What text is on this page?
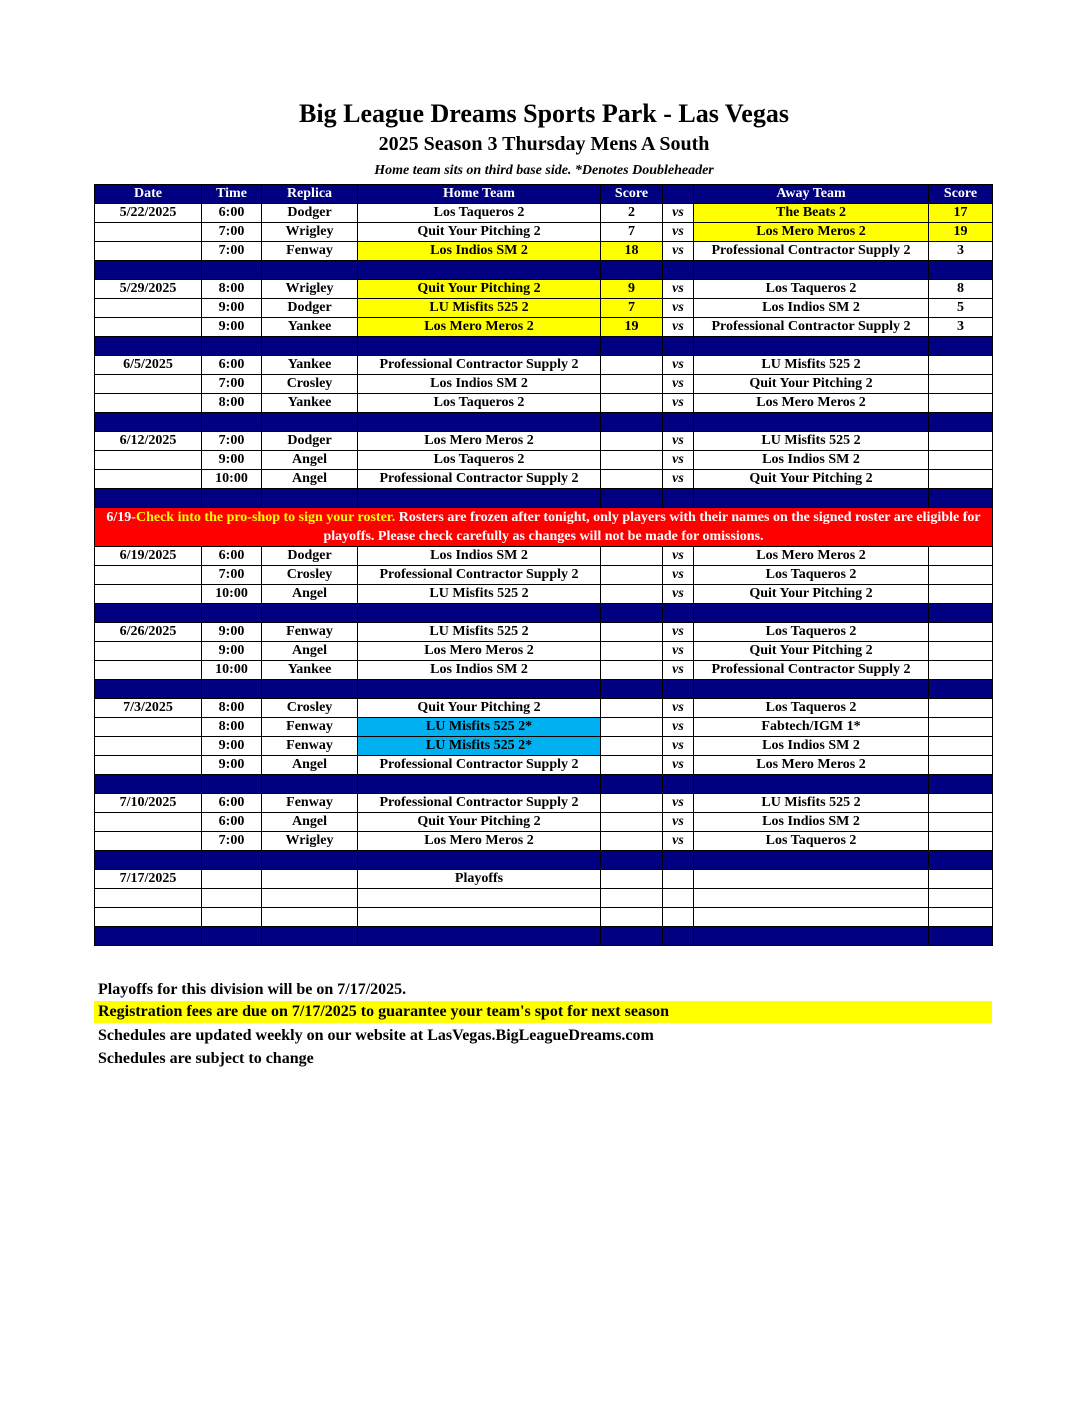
Big League Dreams Sports Park - Las Vegas
2025 Season 3 Thursday Mens A South
Home team sits on third base side. *Denotes Doubleheader
Date	Time	Replica	Home Team	Score		Away Team	Score
5/22/2025	6:00	Dodger	Los Taqueros 2	2	vs	The Beats 2	17
	7:00	Wrigley	Quit Your Pitching 2	7	vs	Los Mero Meros 2	19
	7:00	Fenway	Los Indios SM 2	18	vs	Professional Contractor Supply 2	3

5/29/2025	8:00	Wrigley	Quit Your Pitching 2	9	vs	Los Taqueros 2	8
	9:00	Dodger	LU Misfits 525 2	7	vs	Los Indios SM 2	5
	9:00	Yankee	Los Mero Meros 2	19	vs	Professional Contractor Supply 2	3

6/5/2025	6:00	Yankee	Professional Contractor Supply 2		vs	LU Misfits 525 2	
	7:00	Crosley	Los Indios SM 2		vs	Quit Your Pitching 2	
	8:00	Yankee	Los Taqueros 2		vs	Los Mero Meros 2	

6/12/2025	7:00	Dodger	Los Mero Meros 2		vs	LU Misfits 525 2	
	9:00	Angel	Los Taqueros 2		vs	Los Indios SM 2	
	10:00	Angel	Professional Contractor Supply 2		vs	Quit Your Pitching 2	

6/19-Check into the pro-shop to sign your roster. Rosters are frozen after tonight, only players with their names on the signed roster are eligible for playoffs. Please check carefully as changes will not be made for omissions.							
6/19/2025	6:00	Dodger	Los Indios SM 2		vs	Los Mero Meros 2	
	7:00	Crosley	Professional Contractor Supply 2		vs	Los Taqueros 2	
	10:00	Angel	LU Misfits 525 2		vs	Quit Your Pitching 2	

6/26/2025	9:00	Fenway	LU Misfits 525 2		vs	Los Taqueros 2	
	9:00	Angel	Los Mero Meros 2		vs	Quit Your Pitching 2	
	10:00	Yankee	Los Indios SM 2		vs	Professional Contractor Supply 2	

7/3/2025	8:00	Crosley	Quit Your Pitching 2		vs	Los Taqueros 2	
	8:00	Fenway	LU Misfits 525 2*		vs	Fabtech/IGM 1*	
	9:00	Fenway	LU Misfits 525 2*		vs	Los Indios SM 2	
	9:00	Angel	Professional Contractor Supply 2		vs	Los Mero Meros 2	

7/10/2025	6:00	Fenway	Professional Contractor Supply 2		vs	LU Misfits 525 2	
	6:00	Angel	Quit Your Pitching 2		vs	Los Indios SM 2	
	7:00	Wrigley	Los Mero Meros 2		vs	Los Taqueros 2	

7/17/2025			Playoffs				

Playoffs for this division will be on 7/17/2025.
Registration fees are due on 7/17/2025 to guarantee your team's spot for next season
Schedules are updated weekly on our website at LasVegas.BigLeagueDreams.com
Schedules are subject to change
